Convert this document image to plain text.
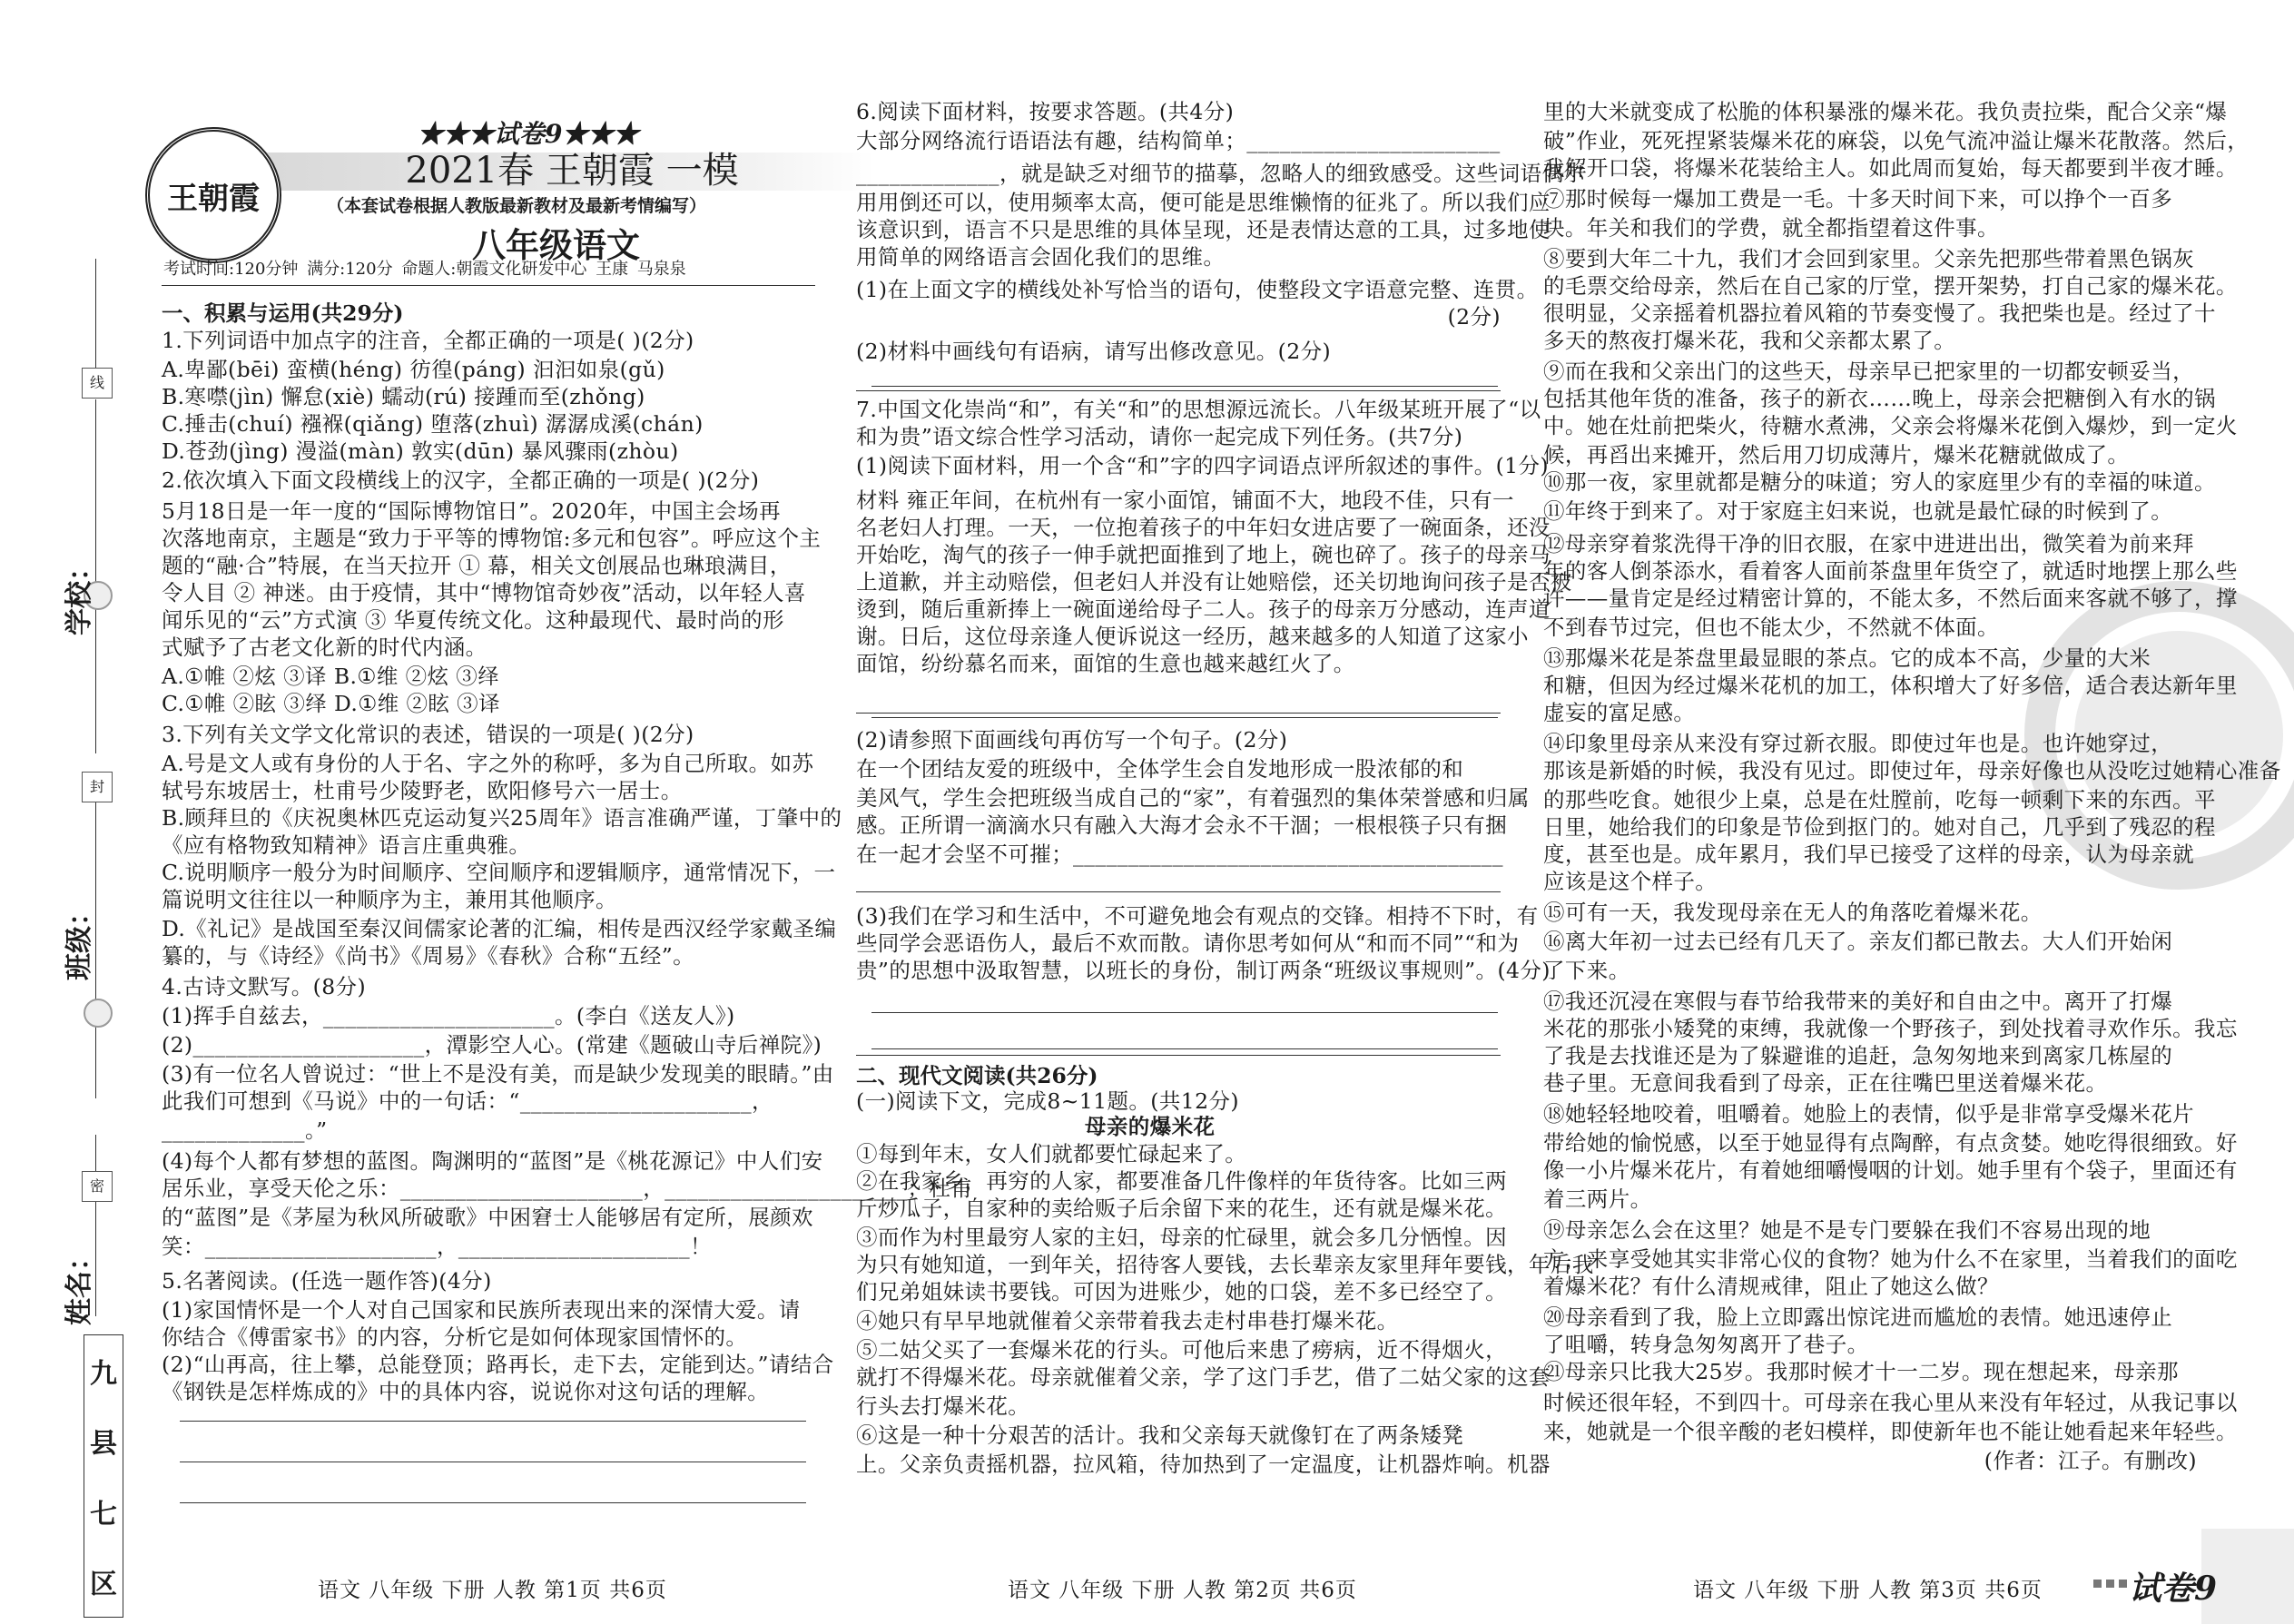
线
封
密
学校：
班级：
姓名：
九
县
七
区
王朝霞
★★★试卷9★★★
2021春 王朝霞 一模
（本套试卷根据人教版最新教材及最新考情编写）
八年级语文
考试时间:120分钟 满分:120分 命题人:朝霞文化研发中心 王康 马泉泉
一、积累与运用(共29分)
1.下列词语中加点字的注音，全都正确的一项是( )(2分)
A.卑鄙(bēi) 蛮横(héng) 彷徨(páng) 汩汩如泉(gǔ)
B.寒噤(jìn) 懈怠(xiè) 蠕动(rú) 接踵而至(zhǒng)
C.捶击(chuí) 襁褓(qiǎng) 堕落(zhuì) 潺潺成溪(chán)
D.苍劲(jìng) 漫溢(màn) 敦实(dūn) 暴风骤雨(zhòu)
2.依次填入下面文段横线上的汉字，全都正确的一项是( )(2分)
5月18日是一年一度的“国际博物馆日”。2020年，中国主会场再
次落地南京，主题是“致力于平等的博物馆:多元和包容”。呼应这个主
题的“融·合”特展，在当天拉开 ① 幕，相关文创展品也琳琅满目，
令人目 ② 神迷。由于疫情，其中“博物馆奇妙夜”活动，以年轻人喜
闻乐见的“云”方式演 ③ 华夏传统文化。这种最现代、最时尚的形
式赋予了古老文化新的时代内涵。
A.①帷 ②炫 ③译 B.①维 ②炫 ③绎
C.①帷 ②眩 ③绎 D.①维 ②眩 ③译
3.下列有关文学文化常识的表述，错误的一项是( )(2分)
A.号是文人或有身份的人于名、字之外的称呼，多为自己所取。如苏
轼号东坡居士，杜甫号少陵野老，欧阳修号六一居士。
B.顾拜旦的《庆祝奥林匹克运动复兴25周年》语言准确严谨，丁肇中的
《应有格物致知精神》语言庄重典雅。
C.说明顺序一般分为时间顺序、空间顺序和逻辑顺序，通常情况下，一
篇说明文往往以一种顺序为主，兼用其他顺序。
D.《礼记》是战国至秦汉间儒家论著的汇编，相传是西汉经学家戴圣编
纂的，与《诗经》《尚书》《周易》《春秋》合称“五经”。
4.古诗文默写。(8分)
(1)挥手自兹去，_____________________。(李白《送友人》)
(2)_____________________，潭影空人心。(常建《题破山寺后禅院》)
(3)有一位名人曾说过：“世上不是没有美，而是缺少发现美的眼睛。”由
此我们可想到《马说》中的一句话：“_____________________，
_____________。”
(4)每个人都有梦想的蓝图。陶渊明的“蓝图”是《桃花源记》中人们安
居乐业，享受天伦之乐：______________________，______________________；杜甫
的“蓝图”是《茅屋为秋风所破歌》中困窘士人能够居有定所，展颜欢
笑：_____________________，_____________________！
5.名著阅读。(任选一题作答)(4分)
(1)家国情怀是一个人对自己国家和民族所表现出来的深情大爱。请
你结合《傅雷家书》的内容，分析它是如何体现家国情怀的。
(2)“山再高，往上攀，总能登顶；路再长，走下去，定能到达。”请结合
《钢铁是怎样炼成的》中的具体内容，说说你对这句话的理解。
6.阅读下面材料，按要求答题。(共4分)
大部分网络流行语语法有趣，结构简单；_______________________
_____________，就是缺乏对细节的描摹，忽略人的细致感受。这些词语偶尔
用用倒还可以，使用频率太高，便可能是思维懒惰的征兆了。所以我们应
该意识到，语言不只是思维的具体呈现，还是表情达意的工具，过多地使
用简单的网络语言会固化我们的思维。
(1)在上面文字的横线处补写恰当的语句，使整段文字语意完整、连贯。
(2分)
(2)材料中画线句有语病，请写出修改意见。(2分)
7.中国文化崇尚“和”，有关“和”的思想源远流长。八年级某班开展了“以
和为贵”语文综合性学习活动，请你一起完成下列任务。(共7分)
(1)阅读下面材料，用一个含“和”字的四字词语点评所叙述的事件。(1分)
材料 雍正年间，在杭州有一家小面馆，铺面不大，地段不佳，只有一
名老妇人打理。一天，一位抱着孩子的中年妇女进店要了一碗面条，还没
开始吃，淘气的孩子一伸手就把面推到了地上，碗也碎了。孩子的母亲马
上道歉，并主动赔偿，但老妇人并没有让她赔偿，还关切地询问孩子是否被
烫到，随后重新捧上一碗面递给母子二人。孩子的母亲万分感动，连声道
谢。日后，这位母亲逢人便诉说这一经历，越来越多的人知道了这家小
面馆，纷纷慕名而来，面馆的生意也越来越红火了。
(2)请参照下面画线句再仿写一个句子。(2分)
在一个团结友爱的班级中，全体学生会自发地形成一股浓郁的和
美风气，学生会把班级当成自己的“家”，有着强烈的集体荣誉感和归属
感。正所谓一滴滴水只有融入大海才会永不干涸；一根根筷子只有捆
在一起才会坚不可摧；_______________________________________
(3)我们在学习和生活中，不可避免地会有观点的交锋。相持不下时，有
些同学会恶语伤人，最后不欢而散。请你思考如何从“和而不同”“和为
贵”的思想中汲取智慧，以班长的身份，制订两条“班级议事规则”。(4分)
二、现代文阅读(共26分)
(一)阅读下文，完成8~11题。(共12分)
母亲的爆米花
①每到年末，女人们就都要忙碌起来了。
②在我家乡，再穷的人家，都要准备几件像样的年货待客。比如三两
斤炒瓜子，自家种的卖给贩子后余留下来的花生，还有就是爆米花。
③而作为村里最穷人家的主妇，母亲的忙碌里，就会多几分恓惶。因
为只有她知道，一到年关，招待客人要钱，去长辈亲友家里拜年要钱，年后我
们兄弟姐妹读书要钱。可因为进账少，她的口袋，差不多已经空了。
④她只有早早地就催着父亲带着我去走村串巷打爆米花。
⑤二姑父买了一套爆米花的行头。可他后来患了痨病，近不得烟火，
就打不得爆米花。母亲就催着父亲，学了这门手艺，借了二姑父家的这套
行头去打爆米花。
⑥这是一种十分艰苦的活计。我和父亲每天就像钉在了两条矮凳
上。父亲负责摇机器，拉风箱，待加热到了一定温度，让机器炸响。机器
里的大米就变成了松脆的体积暴涨的爆米花。我负责拉柴，配合父亲“爆
破”作业，死死捏紧装爆米花的麻袋，以免气流冲溢让爆米花散落。然后，
我解开口袋，将爆米花装给主人。如此周而复始，每天都要到半夜才睡。
⑦那时候每一爆加工费是一毛。十多天时间下来，可以挣个一百多
块。年关和我们的学费，就全都指望着这件事。
⑧要到大年二十九，我们才会回到家里。父亲先把那些带着黑色锅灰
的毛票交给母亲，然后在自己家的厅堂，摆开架势，打自己家的爆米花。
很明显，父亲摇着机器拉着风箱的节奏变慢了。我把柴也是。经过了十
多天的熬夜打爆米花，我和父亲都太累了。
⑨而在我和父亲出门的这些天，母亲早已把家里的一切都安顿妥当，
包括其他年货的准备，孩子的新衣……晚上，母亲会把糖倒入有水的锅
中。她在灶前把柴火，待糖水煮沸，父亲会将爆米花倒入爆炒，到一定火
候，再舀出来摊开，然后用刀切成薄片，爆米花糖就做成了。
⑩那一夜，家里就都是糖分的味道；穷人的家庭里少有的幸福的味道。
⑪年终于到来了。对于家庭主妇来说，也就是最忙碌的时候到了。
⑫母亲穿着浆洗得干净的旧衣服，在家中进进出出，微笑着为前来拜
年的客人倒茶添水，看着客人面前茶盘里年货空了，就适时地摆上那么些
许——量肯定是经过精密计算的，不能太多，不然后面来客就不够了，撑
不到春节过完，但也不能太少，不然就不体面。
⑬那爆米花是茶盘里最显眼的茶点。它的成本不高，少量的大米
和糖，但因为经过爆米花机的加工，体积增大了好多倍，适合表达新年里
虚妄的富足感。
⑭印象里母亲从来没有穿过新衣服。即使过年也是。也许她穿过，
那该是新婚的时候，我没有见过。即使过年，母亲好像也从没吃过她精心准备
的那些吃食。她很少上桌，总是在灶膛前，吃每一顿剩下来的东西。平
日里，她给我们的印象是节俭到抠门的。她对自己，几乎到了残忍的程
度，甚至也是。成年累月，我们早已接受了这样的母亲，认为母亲就
应该是这个样子。
⑮可有一天，我发现母亲在无人的角落吃着爆米花。
⑯离大年初一过去已经有几天了。亲友们都已散去。大人们开始闲
了下来。
⑰我还沉浸在寒假与春节给我带来的美好和自由之中。离开了打爆
米花的那张小矮凳的束缚，我就像一个野孩子，到处找着寻欢作乐。我忘
了我是去找谁还是为了躲避谁的追赶，急匆匆地来到离家几栋屋的
巷子里。无意间我看到了母亲，正在往嘴巴里送着爆米花。
⑱她轻轻地咬着，咀嚼着。她脸上的表情，似乎是非常享受爆米花片
带给她的愉悦感，以至于她显得有点陶醉，有点贪婪。她吃得很细致。好
像一小片爆米花片，有着她细嚼慢咽的计划。她手里有个袋子，里面还有
着三两片。
⑲母亲怎么会在这里？她是不是专门要躲在我们不容易出现的地
方，来享受她其实非常心仪的食物？她为什么不在家里，当着我们的面吃
着爆米花？有什么清规戒律，阻止了她这么做？
⑳母亲看到了我，脸上立即露出惊诧进而尴尬的表情。她迅速停止
了咀嚼，转身急匆匆离开了巷子。
㉑母亲只比我大25岁。我那时候才十一二岁。现在想起来，母亲那
时候还很年轻，不到四十。可母亲在我心里从来没有年轻过，从我记事以
来，她就是一个很辛酸的老妇模样，即使新年也不能让她看起来年轻些。
(作者：江子。有删改)
语文 八年级 下册 人教 第1页 共6页	语文 八年级 下册 人教 第2页 共6页	语文 八年级 下册 人教 第3页 共6页	试卷9
